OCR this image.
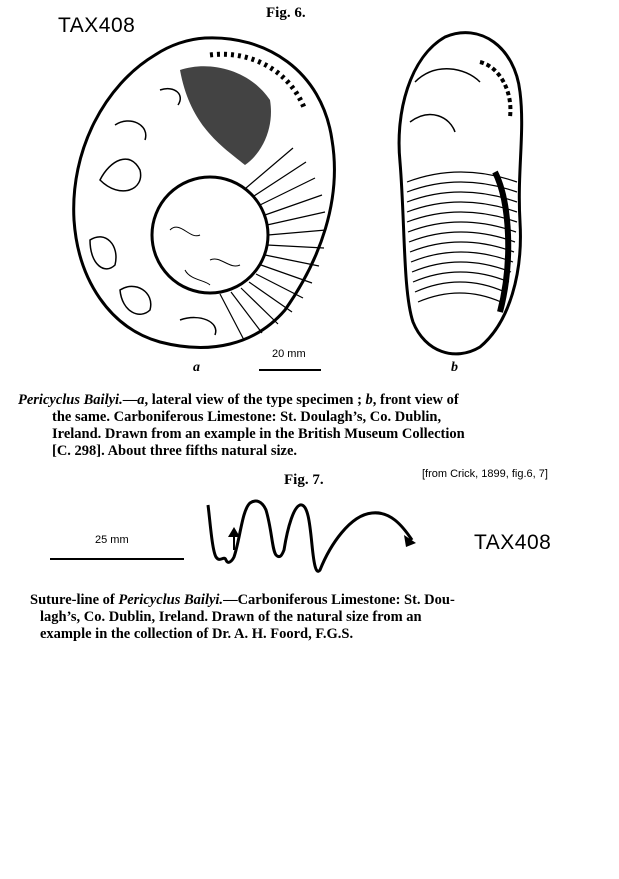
TAX408
Fig. 6.
a	b
20 mm
Pericyclus Bailyi.—a, lateral view of the type specimen ; b, front view of
the same. Carboniferous Limestone: St. Doulagh’s, Co. Dublin,
Ireland. Drawn from an example in the British Museum Collection
[C. 298]. About three fifths natural size.
[from Crick, 1899, fig.6, 7]
Fig. 7.
25 mm	TAX408
Suture-line of Pericyclus Bailyi.—Carboniferous Limestone: St. Dou-
lagh’s, Co. Dublin, Ireland. Drawn of the natural size from an
example in the collection of Dr. A. H. Foord, F.G.S.
